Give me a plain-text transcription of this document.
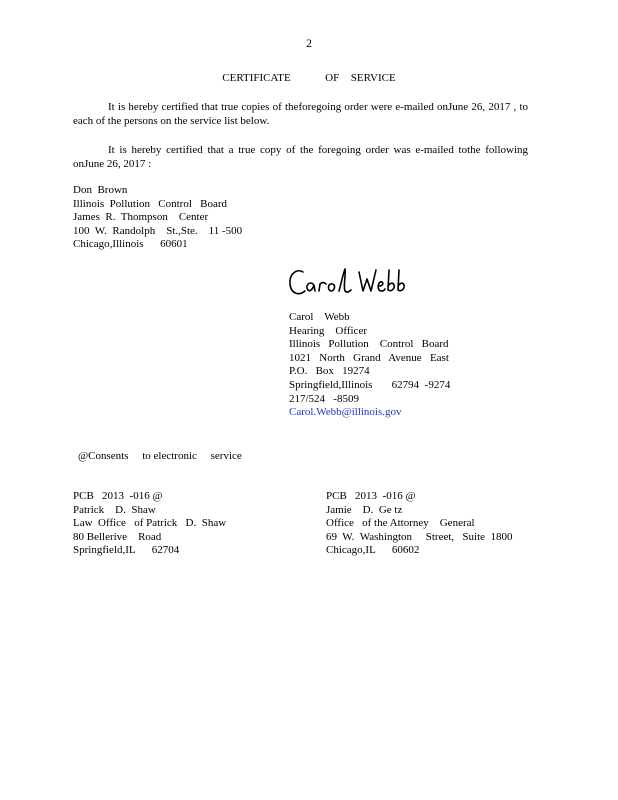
2
CERTIFICATE      OF  SERVICE
It is hereby certified that true copies of theforegoing order were e-mailed onJune 26, 2017 , to each of the persons on the service list below.
It is hereby certified that a true copy of the foregoing order was e-mailed tothe following onJune 26, 2017 :
Don  Brown
Illinois  Pollution   Control   Board
James  R.  Thompson    Center
100  W.  Randolph    St.,Ste.    11 -500
Chicago,Illinois      60601
Carol    Webb
Hearing    Officer
Illinois   Pollution    Control   Board
1021   North   Grand   Avenue   East
P.O.   Box   19274
Springfield,Illinois       62794  -9274
217/524   -8509
Carol.Webb@illinois.gov
@Consents     to electronic     service
PCB   2013  -016 @
Patrick    D.  Shaw
Law  Office   of Patrick   D.  Shaw
80 Bellerive    Road
Springfield,IL      62704
PCB   2013  -016 @
Jamie    D.  Ge tz
Office   of the Attorney    General
69  W.  Washington     Street,   Suite  1800
Chicago,IL      60602
